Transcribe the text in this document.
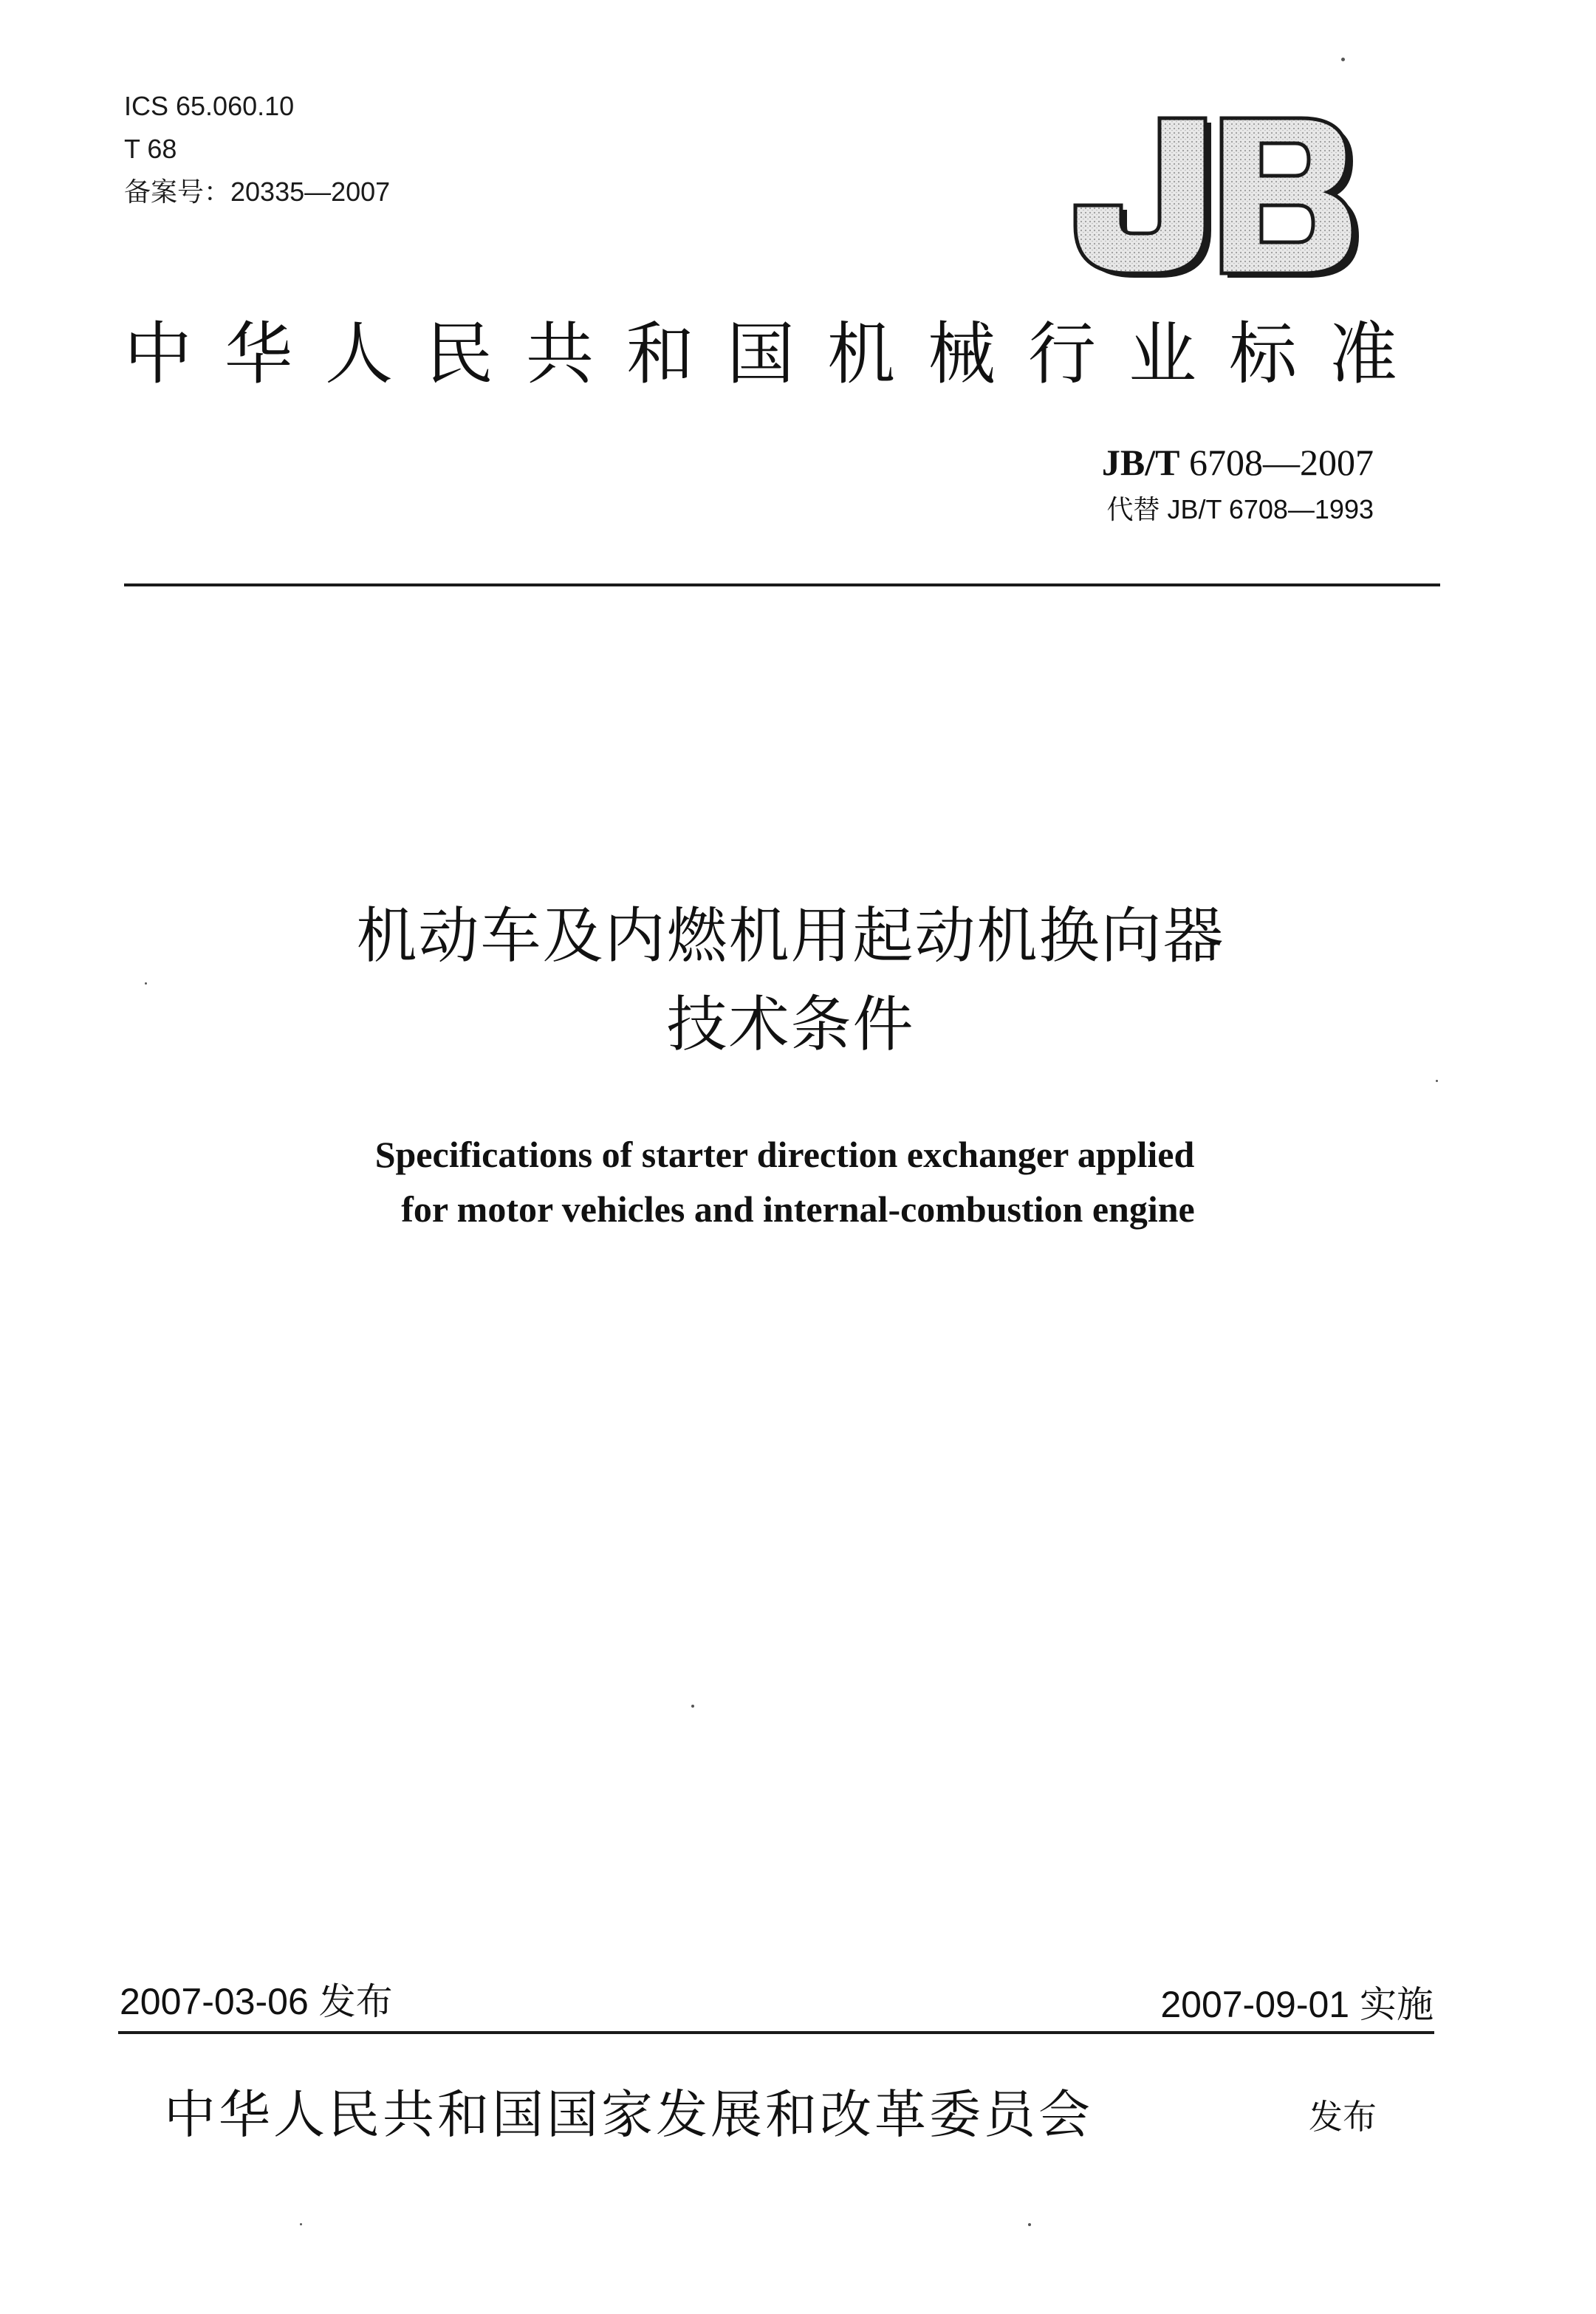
ICS 65.060.10
T 68
备案号：20335—2007
中华人民共和国机械行业标准
JB/T 6708—2007
代替 JB/T 6708—1993
机动车及内燃机用起动机换向器
技术条件
Specifications of starter direction exchanger applied
for motor vehicles and internal-combustion engine
2007-03-06 发布	2007-09-01 实施
中华人民共和国国家发展和改革委员会	发布
